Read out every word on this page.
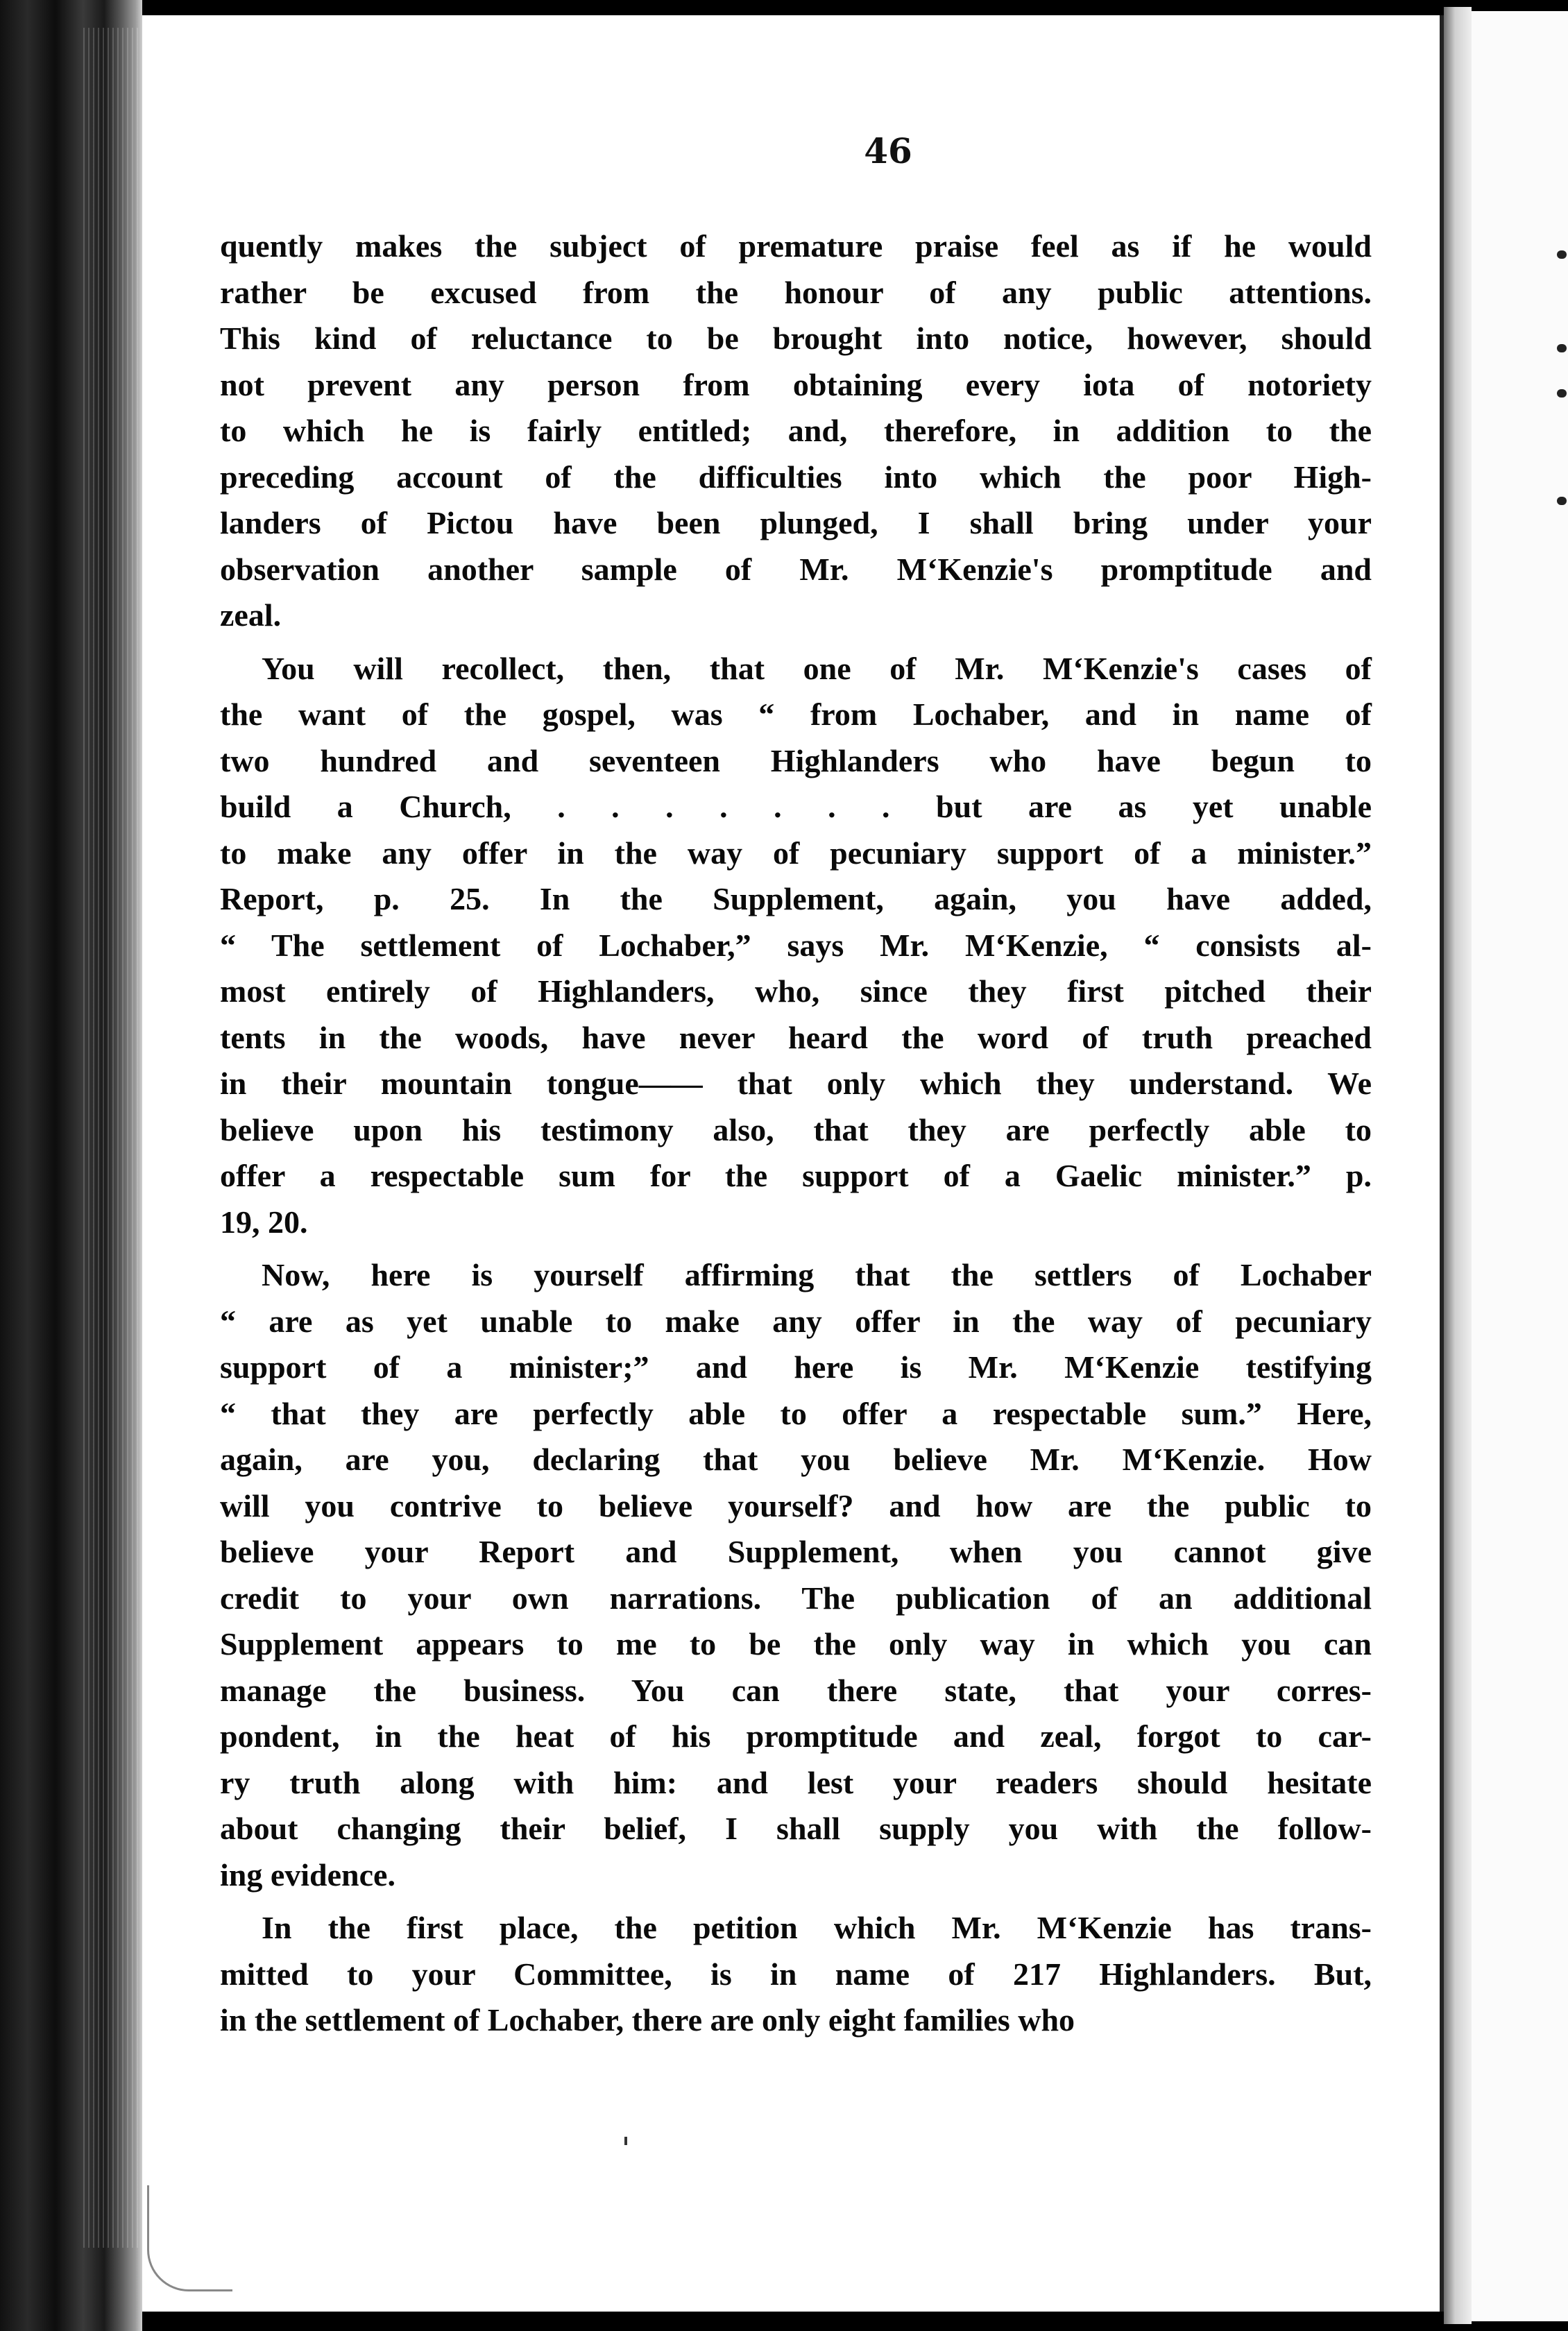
46
quently makes the subject of premature praise feel as if he would
rather be excused from the honour of any public attentions.
This kind of reluctance to be brought into notice, however, should
not prevent any person from obtaining every iota of notoriety
to which he is fairly entitled; and, therefore, in addition to the
preceding account of the difficulties into which the poor High-
landers of Pictou have been plunged, I shall bring under your
observation another sample of Mr. M‘Kenzie's promptitude and
zeal.
You will recollect, then, that one of Mr. M‘Kenzie's cases of
the want of the gospel, was “ from Lochaber, and in name of
two hundred and seventeen Highlanders who have begun to
build a Church, . . . . . . . but are as yet unable
to make any offer in the way of pecuniary support of a minister.”
Report, p. 25. In the Supplement, again, you have added,
“ The settlement of Lochaber,” says Mr. M‘Kenzie, “ consists al-
most entirely of Highlanders, who, since they first pitched their
tents in the woods, have never heard the word of truth preached
in their mountain tongue—— that only which they understand. We
believe upon his testimony also, that they are perfectly able to
offer a respectable sum for the support of a Gaelic minister.” p.
19, 20.
Now, here is yourself affirming that the settlers of Lochaber
“ are as yet unable to make any offer in the way of pecuniary
support of a minister;” and here is Mr. M‘Kenzie testifying
“ that they are perfectly able to offer a respectable sum.” Here,
again, are you, declaring that you believe Mr. M‘Kenzie. How
will you contrive to believe yourself? and how are the public to
believe your Report and Supplement, when you cannot give
credit to your own narrations. The publication of an additional
Supplement appears to me to be the only way in which you can
manage the business. You can there state, that your corres-
pondent, in the heat of his promptitude and zeal, forgot to car-
ry truth along with him: and lest your readers should hesitate
about changing their belief, I shall supply you with the follow-
ing evidence.
In the first place, the petition which Mr. M‘Kenzie has trans-
mitted to your Committee, is in name of 217 Highlanders. But,
in the settlement of Lochaber, there are only eight families who
